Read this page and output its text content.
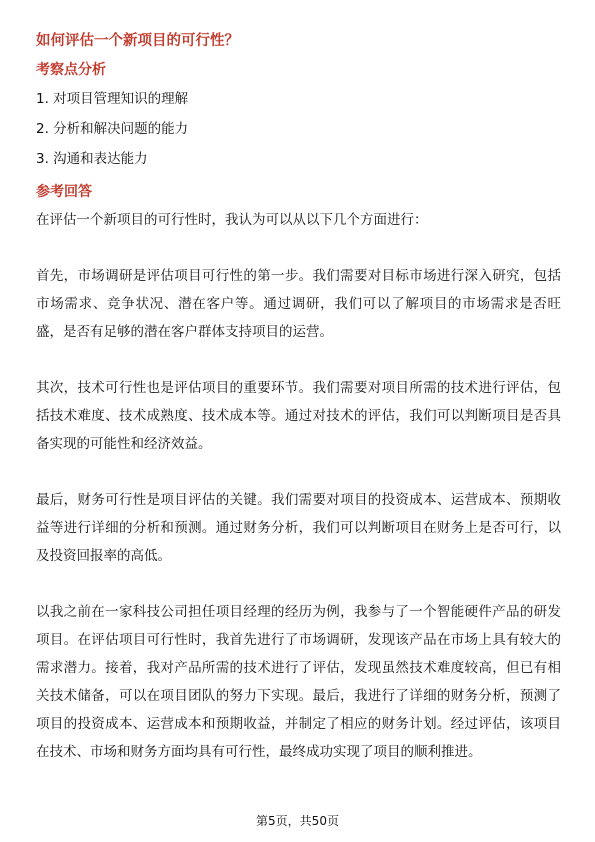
如何评估一个新项目的可行性？
考察点分析
1. 对项目管理知识的理解
2. 分析和解决问题的能力
3. 沟通和表达能力
参考回答

在评估一个新项目的可行性时，我认为可以从以下几个方面进行：

首先，市场调研是评估项目可行性的第一步。我们需要对目标市场进行深入研究，包括市场需求、竞争状况、潜在客户等。通过调研，我们可以了解项目的市场需求是否旺盛，是否有足够的潜在客户群体支持项目的运营。

其次，技术可行性也是评估项目的重要环节。我们需要对项目所需的技术进行评估，包括技术难度、技术成熟度、技术成本等。通过对技术的评估，我们可以判断项目是否具备实现的可能性和经济效益。

最后，财务可行性是项目评估的关键。我们需要对项目的投资成本、运营成本、预期收益等进行详细的分析和预测。通过财务分析，我们可以判断项目在财务上是否可行，以及投资回报率的高低。

以我之前在一家科技公司担任项目经理的经历为例，我参与了一个智能硬件产品的研发项目。在评估项目可行性时，我首先进行了市场调研，发现该产品在市场上具有较大的需求潜力。接着，我对产品所需的技术进行了评估，发现虽然技术难度较高，但已有相关技术储备，可以在项目团队的努力下实现。最后，我进行了详细的财务分析，预测了项目的投资成本、运营成本和预期收益，并制定了相应的财务计划。经过评估，该项目在技术、市场和财务方面均具有可行性，最终成功实现了项目的顺利推进。

第5页，共50页
